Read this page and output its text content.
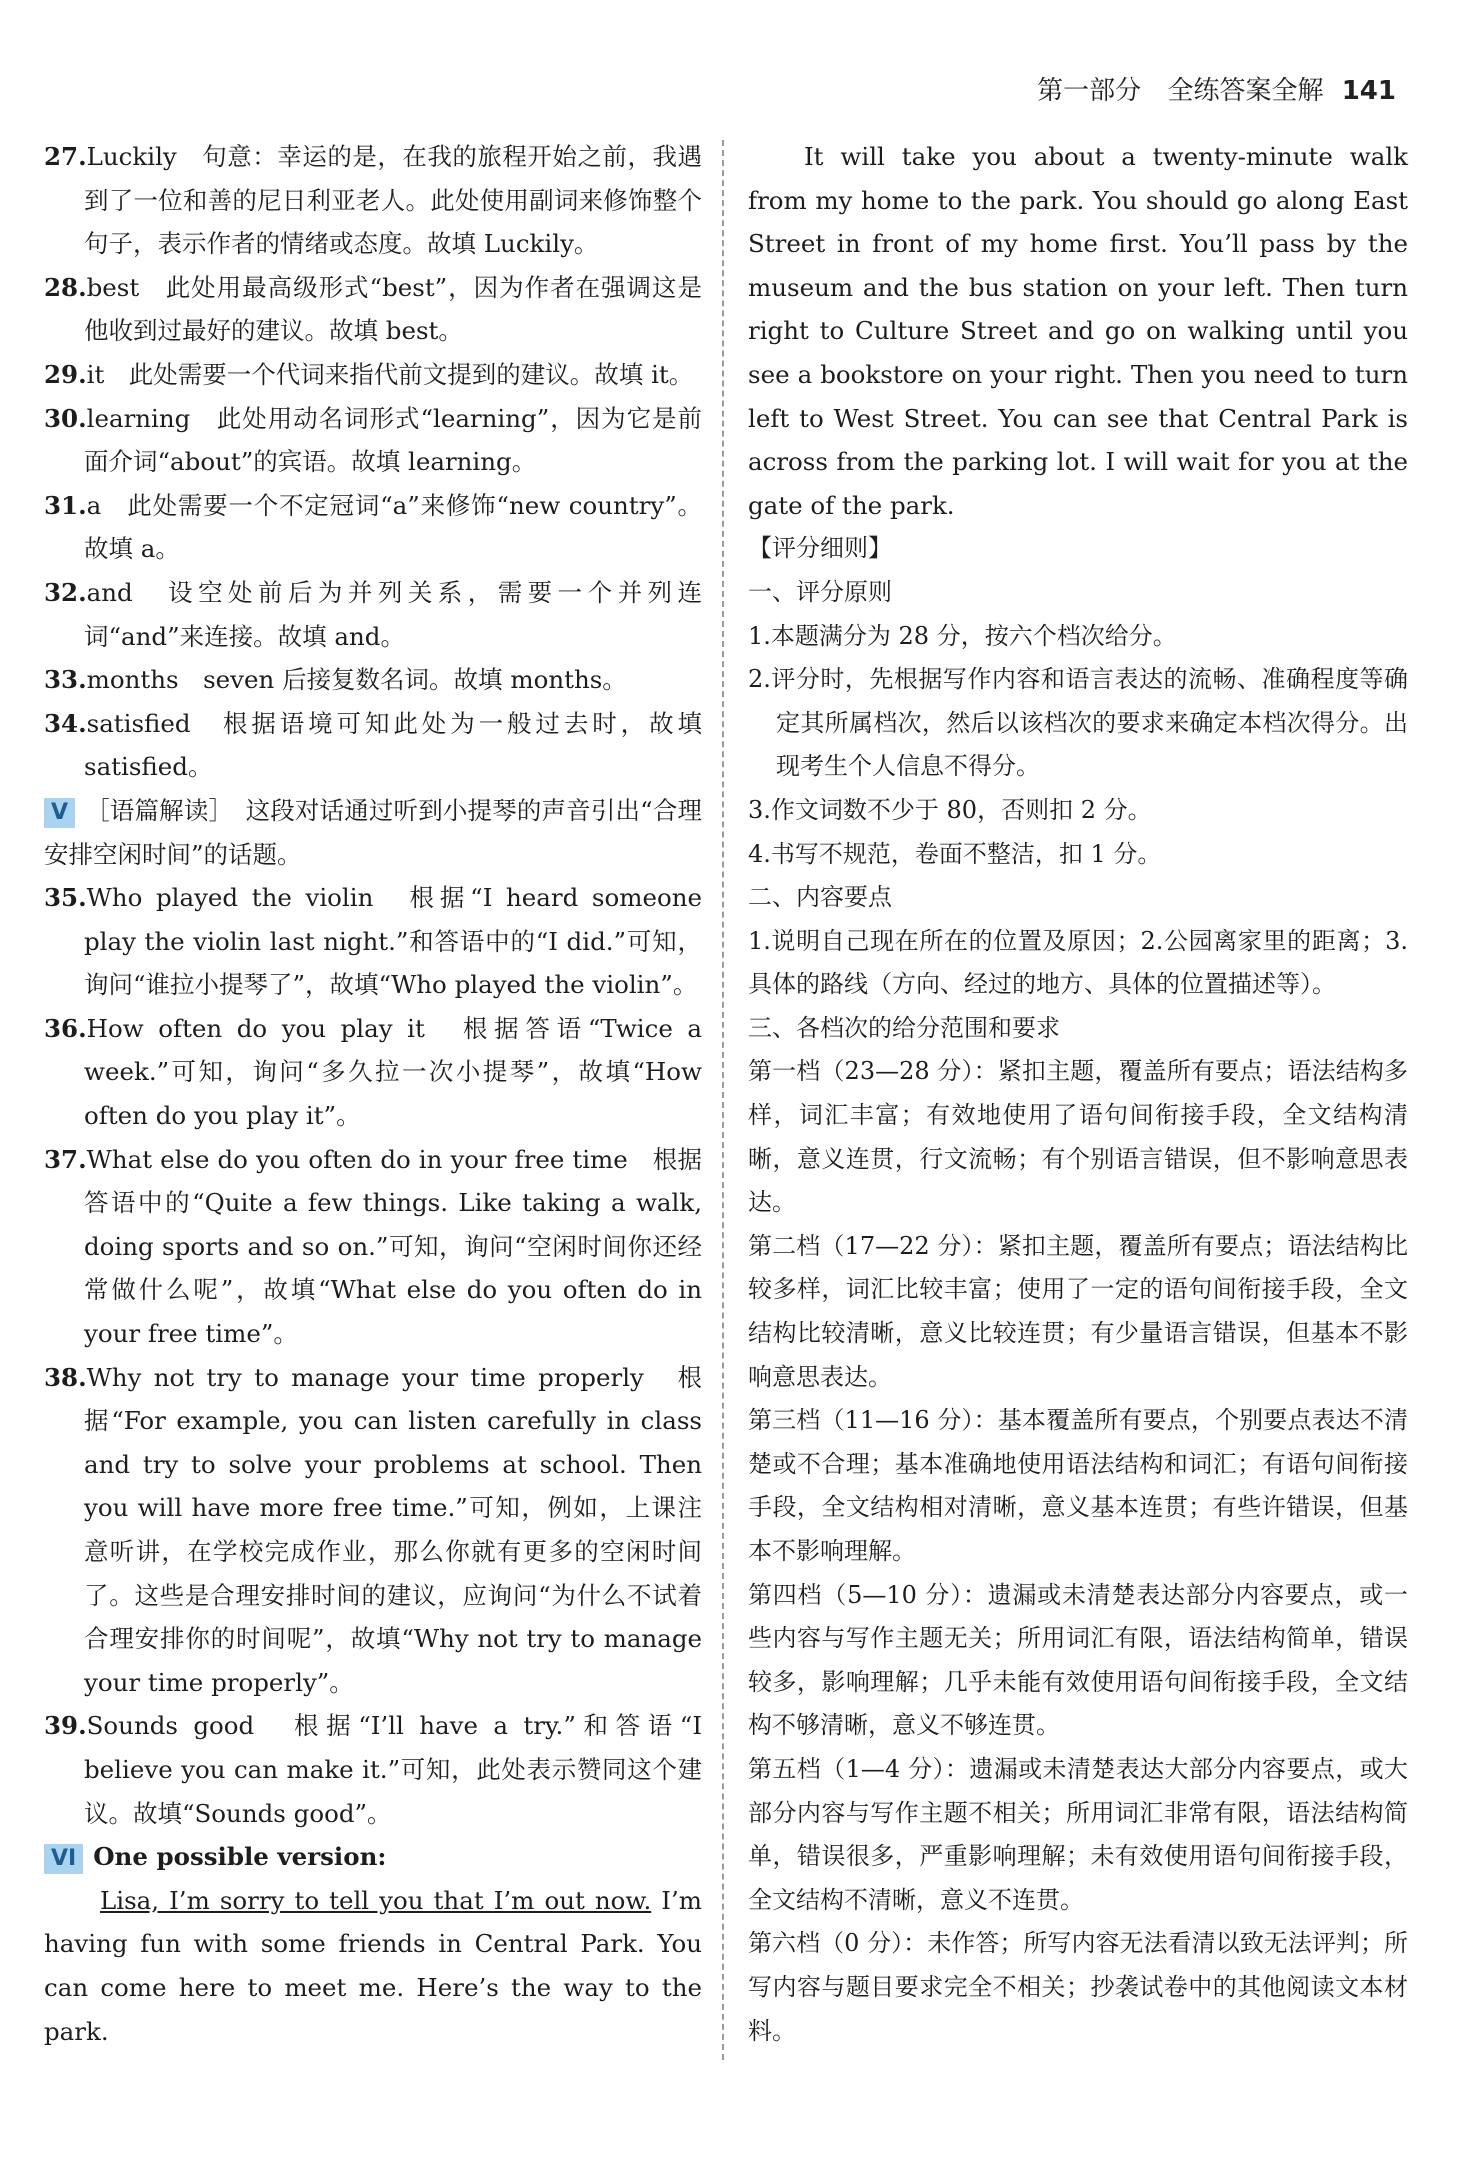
第一部分 全练答案全解 141
27.Luckily　句意：幸运的是，在我的旅程开始之前，我遇到了一位和善的尼日利亚老人。此处使用副词来修饰整个句子，表示作者的情绪或态度。故填 Luckily。
28.best　此处用最高级形式“best”，因为作者在强调这是他收到过最好的建议。故填 best。
29.it　此处需要一个代词来指代前文提到的建议。故填 it。
30.learning　此处用动名词形式“learning”，因为它是前面介词“about”的宾语。故填 learning。
31.a　此处需要一个不定冠词“a”来修饰“new country”。故填 a。
32.and　设空处前后为并列关系，需要一个并列连词“and”来连接。故填 and。
33.months　seven 后接复数名词。故填 months。
34.satisfied　根据语境可知此处为一般过去时，故填 satisfied。
V ［语篇解读］　这段对话通过听到小提琴的声音引出“合理安排空闲时间”的话题。
35.Who played the violin　根据“I heard someone play the violin last night.”和答语中的“I did.”可知，询问“谁拉小提琴了”，故填“Who played the violin”。
36.How often do you play it　根据答语“Twice a week.”可知，询问“多久拉一次小提琴”，故填“How often do you play it”。
37.What else do you often do in your free time　根据答语中的“Quite a few things. Like taking a walk, doing sports and so on.”可知，询问“空闲时间你还经常做什么呢”，故填“What else do you often do in your free time”。
38.Why not try to manage your time properly　根据“For example, you can listen carefully in class and try to solve your problems at school. Then you will have more free time.”可知，例如，上课注意听讲，在学校完成作业，那么你就有更多的空闲时间了。这些是合理安排时间的建议，应询问“为什么不试着合理安排你的时间呢”，故填“Why not try to manage your time properly”。
39.Sounds good　根据“I’ll have a try.”和答语“I believe you can make it.”可知，此处表示赞同这个建议。故填“Sounds good”。
VI One possible version:
Lisa, I’m sorry to tell you that I’m out now. I’m having fun with some friends in Central Park. You can come here to meet me. Here’s the way to the park.
It will take you about a twenty-minute walk from my home to the park. You should go along East Street in front of my home first. You’ll pass by the museum and the bus station on your left. Then turn right to Culture Street and go on walking until you see a bookstore on your right. Then you need to turn left to West Street. You can see that Central Park is across from the parking lot. I will wait for you at the gate of the park.
【评分细则】
一、评分原则
1.本题满分为 28 分，按六个档次给分。
2.评分时，先根据写作内容和语言表达的流畅、准确程度等确定其所属档次，然后以该档次的要求来确定本档次得分。出现考生个人信息不得分。
3.作文词数不少于 80，否则扣 2 分。
4.书写不规范，卷面不整洁，扣 1 分。
二、内容要点
1.说明自己现在所在的位置及原因；2.公园离家里的距离；3.具体的路线（方向、经过的地方、具体的位置描述等）。
三、各档次的给分范围和要求
第一档（23—28 分）：紧扣主题，覆盖所有要点；语法结构多样，词汇丰富；有效地使用了语句间衔接手段，全文结构清晰，意义连贯，行文流畅；有个别语言错误，但不影响意思表达。
第二档（17—22 分）：紧扣主题，覆盖所有要点；语法结构比较多样，词汇比较丰富；使用了一定的语句间衔接手段，全文结构比较清晰，意义比较连贯；有少量语言错误，但基本不影响意思表达。
第三档（11—16 分）：基本覆盖所有要点，个别要点表达不清楚或不合理；基本准确地使用语法结构和词汇；有语句间衔接手段，全文结构相对清晰，意义基本连贯；有些许错误，但基本不影响理解。
第四档（5—10 分）：遗漏或未清楚表达部分内容要点，或一些内容与写作主题无关；所用词汇有限，语法结构简单，错误较多，影响理解；几乎未能有效使用语句间衔接手段，全文结构不够清晰，意义不够连贯。
第五档（1—4 分）：遗漏或未清楚表达大部分内容要点，或大部分内容与写作主题不相关；所用词汇非常有限，语法结构简单，错误很多，严重影响理解；未有效使用语句间衔接手段，全文结构不清晰，意义不连贯。
第六档（0 分）：未作答；所写内容无法看清以致无法评判；所写内容与题目要求完全不相关；抄袭试卷中的其他阅读文本材料。
